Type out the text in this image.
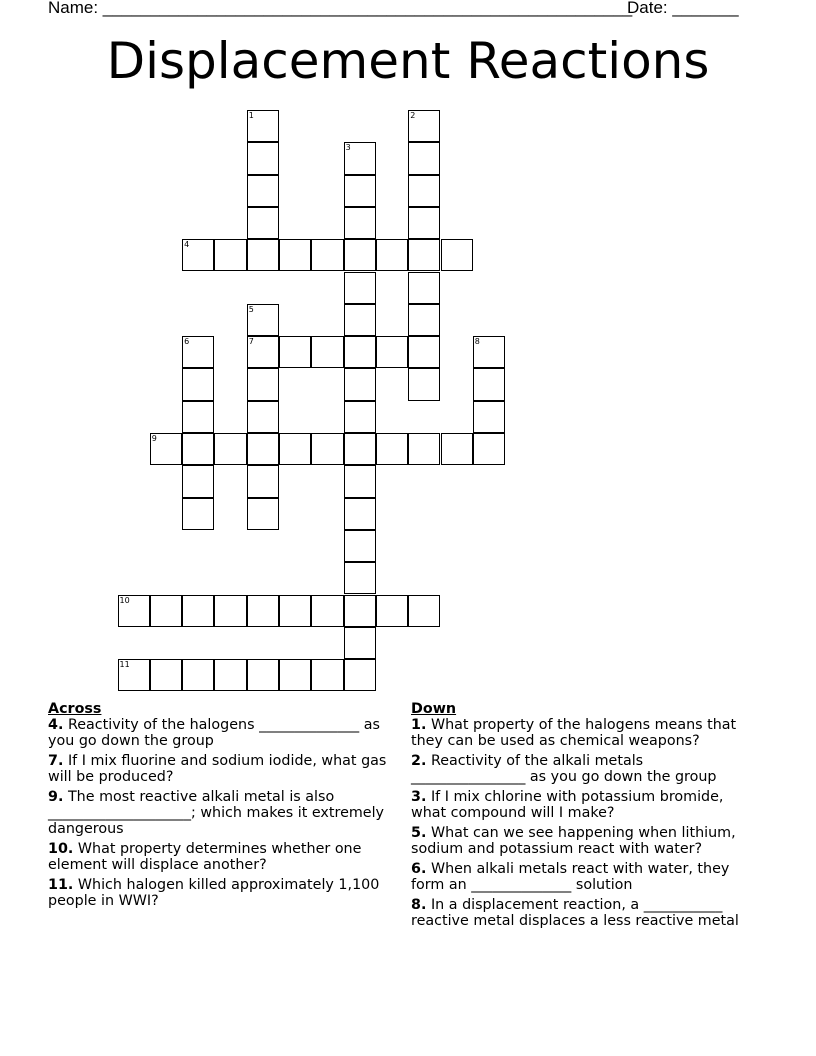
Name: ________________________________________________________
Date: _______
Displacement Reactions
4
7
9
10
11
1	2
3
5
6	8
Across
4. Reactivity of the halogens ______________ as you go down the group
7. If I mix fluorine and sodium iodide, what gas will be produced?
9. The most reactive alkali metal is also ____________________; which makes it extremely dangerous
10. What property determines whether one element will displace another?
11. Which halogen killed approximately 1,100 people in WWI?
Down
1. What property of the halogens means that they can be used as chemical weapons?
2. Reactivity of the alkali metals ________________ as you go down the group
3. If I mix chlorine with potassium bromide, what compound will I make?
5. What can we see happening when lithium, sodium and potassium react with water?
6. When alkali metals react with water, they form an ______________ solution
8. In a displacement reaction, a ___________ reactive metal displaces a less reactive metal
